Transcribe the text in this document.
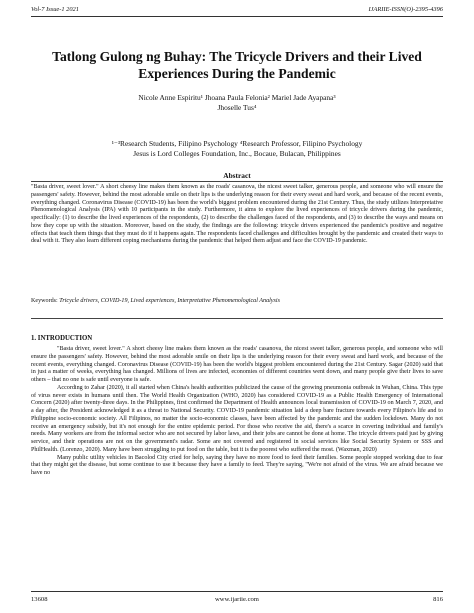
Vol-7 Issue-1 2021	IJARIIE-ISSN(O)-2395-4396
Tatlong Gulong ng Buhay: The Tricycle Drivers and their Lived Experiences During the Pandemic
Nicole Anne Espiritu¹ Jhoana Paula Felonia² Mariel Jade Ayapana³
Jhoselle Tus⁴
¹⁻³Research Students, Filipino Psychology ⁴Research Professor, Filipino Psychology
Jesus is Lord Colleges Foundation, Inc., Bocaue, Bulacan, Philippines
Abstract
"Basta driver, sweet lover." A short cheesy line makes them known as the roads' casanova, the nicest sweet talker, generous people, and someone who will ensure the passengers' safety. However, behind the most adorable smile on their lips is the underlying reason for their every sweat and hard work, and because of the recent events, everything changed. Coronavirus Disease (COVID-19) has been the world's biggest problem encountered during the 21st Century. Thus, the study utilizes Interpretative Phenomenological Analysis (IPA) with 10 participants in the study. Furthermore, it aims to explore the lived experiences of tricycle drivers during the pandemic, specifically: (1) to describe the lived experiences of the respondents, (2) to describe the challenges faced of the respondents, and (3) to describe the ways and means on how they cope up with the situation. Moreover, based on the study, the findings are the following: tricycle drivers experienced the pandemic's positive and negative effects that teach them things that they must do if it happens again. The respondents faced challenges and difficulties brought by the pandemic and created their ways to deal with it. They also learn different coping mechanisms during the pandemic that helped them adjust and face the COVID-19 pandemic.
Keywords: Tricycle drivers, COVID-19, Lived experiences, Interpretative Phenomenological Analysis
1. INTRODUCTION

"Basta driver, sweet lover." A short cheesy line makes them known as the roads' casanova, the nicest sweet talker, generous people, and someone who will ensure the passengers' safety. However, behind the most adorable smile on their lips is the underlying reason for their every sweat and hard work, and because of the recent events, everything changed. Coronavirus Disease (COVID-19) has been the world's biggest problem encountered during the 21st Century. Sagar (2020) said that in just a matter of weeks, everything has changed. Millions of lives are infected, economies of different countries went down, and many people give their lives to save others – that no one is safe until everyone is safe.

According to Zahar (2020), it all started when China's health authorities publicized the cause of the growing pneumonia outbreak in Wuhan, China. This type of virus never exists in humans until then. The World Health Organization (WHO, 2020) has considered COVID-19 as a Public Health Emergency of International Concern (2020) after twenty-three days. In the Philippines, first confirmed the Department of Health announces local transmission of COVID-19 on March 7, 2020, and a day after, the President acknowledged it as a threat to National Security. COVID-19 pandemic situation laid a deep bare fracture towards every Filipino's life and to Philippine socio-economic society. All Filipinos, no matter the socio-economic classes, have been affected by the pandemic and the sudden lockdown. Many do not receive an emergency subsidy, but it's not enough for the entire epidemic period. For those who receive the aid, there's a scarce in covering individual and family's needs. Many workers are from the informal sector who are not secured by labor laws, and their jobs are cannot be done at home. The tricycle drivers paid just by giving service, and their operations are not on the government's radar. Some are not covered and registered in social services like Social Security System or SSS and PhilHealth. (Lorenzo, 2020). Many have been struggling to put food on the table, but it is the poorest who suffered the most. (Waxman, 2020)

Many public utility vehicles in Bacolod City cried for help, saying they have no more food to feed their families. Some people stopped working due to fear that they might get the disease, but some continue to use it because they have a family to feed. They're saying, "We're not afraid of the virus. We are afraid because we have no

13608	www.ijariie.com	816
